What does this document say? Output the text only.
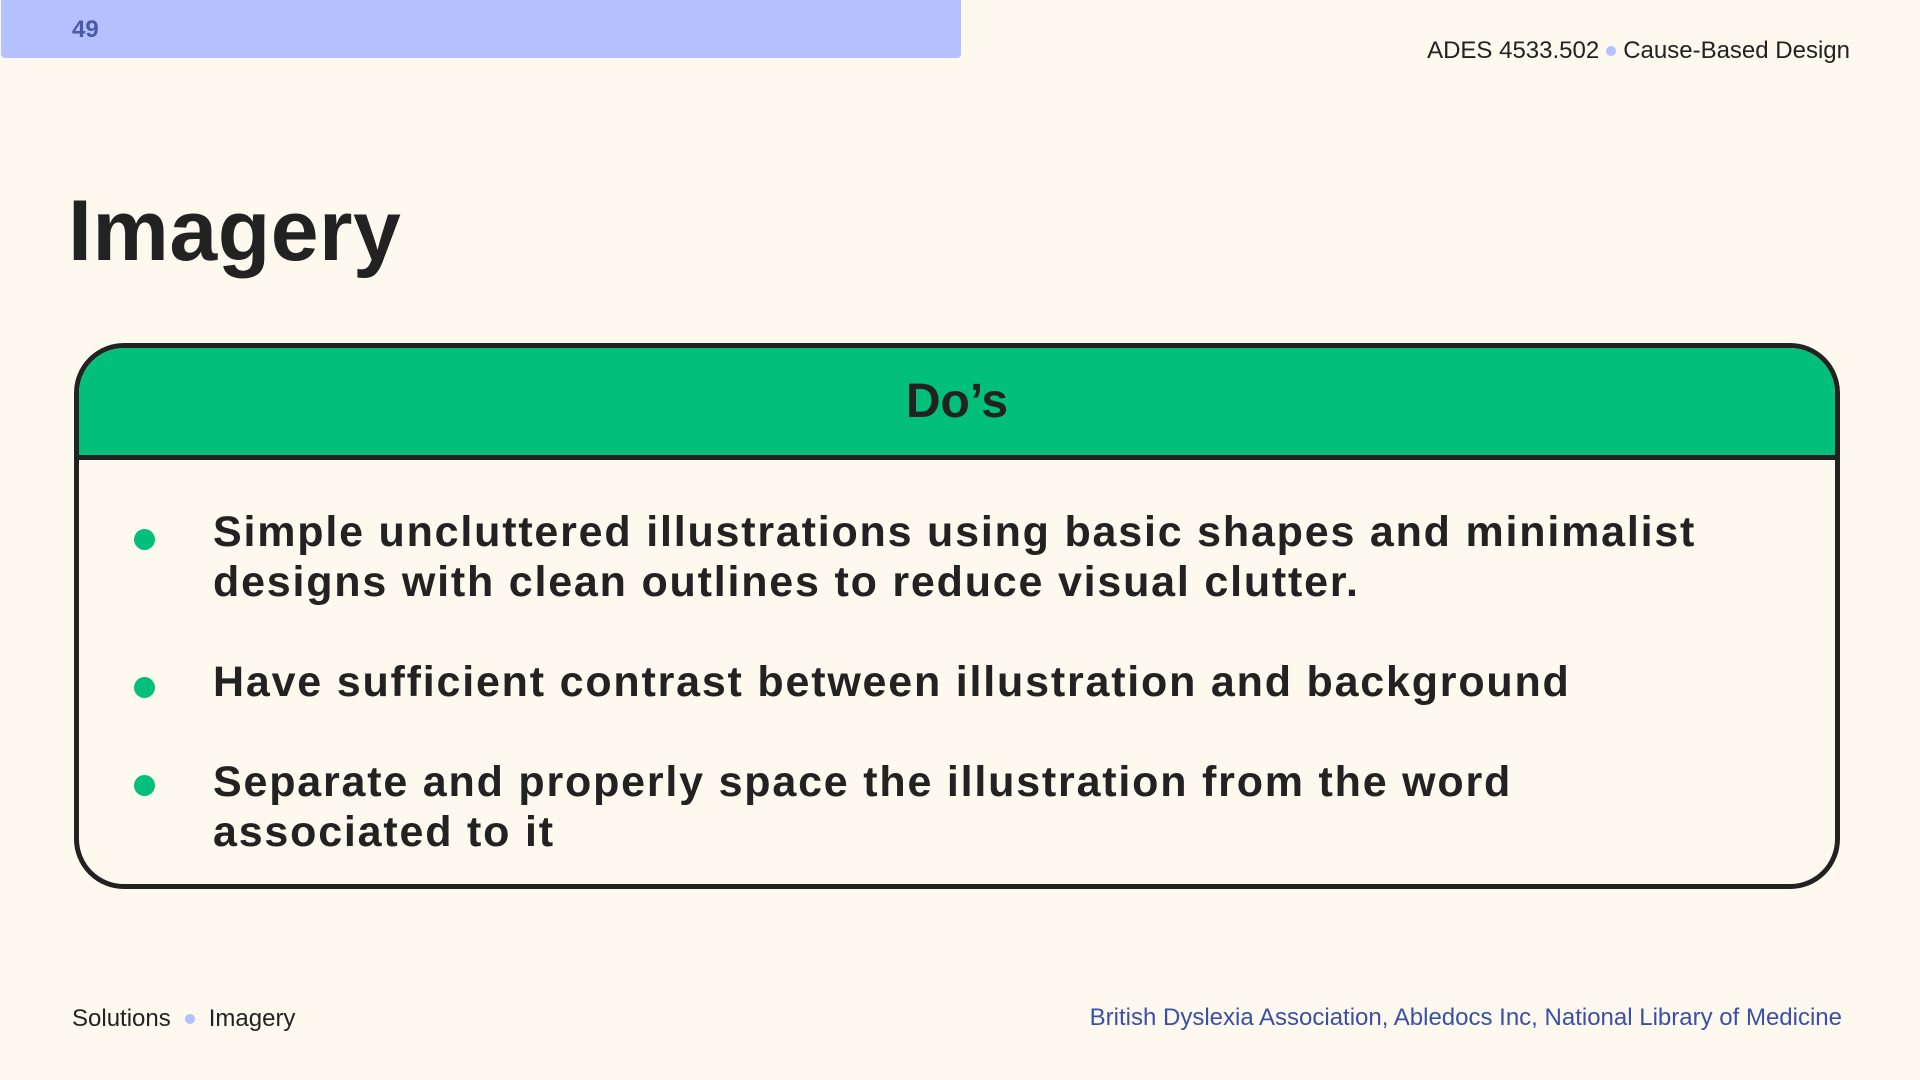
49
ADES 4533.502 Cause-Based Design
Imagery
Do’s
Simple uncluttered illustrations using basic shapes and minimalist designs with clean outlines to reduce visual clutter.
Have sufficient contrast between illustration and background
Separate and properly space the illustration from the word associated to it
Solutions Imagery	British Dyslexia Association, Abledocs Inc, National Library of Medicine
